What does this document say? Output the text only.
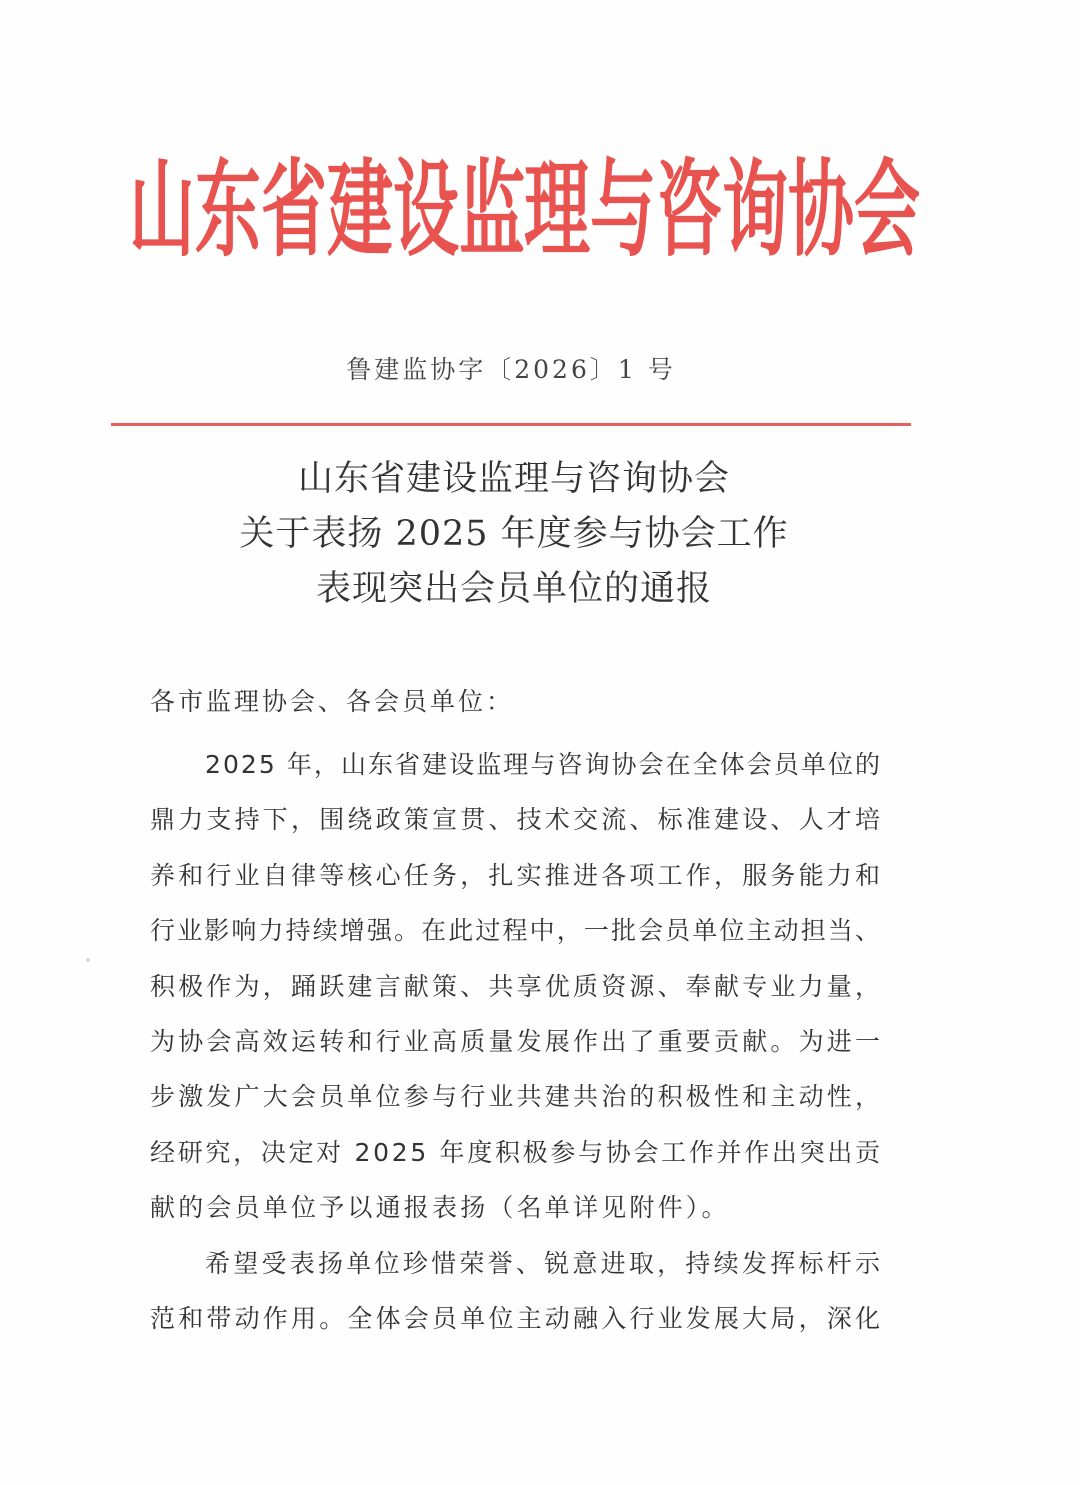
山 东 省 建 设 监 理 与 咨 询 协 会
鲁建监协字〔2026〕1 号
山东省建设监理与咨询协会
关于表扬 2025 年度参与协会工作
表现突出会员单位的通报
各市监理协会、各会员单位：
2025 年，山东省建设监理与咨询协会在全体会员单位的
鼎力支持下，围绕政策宣贯、技术交流、标准建设、人才培
养和行业自律等核心任务，扎实推进各项工作，服务能力和
行业影响力持续增强。在此过程中，一批会员单位主动担当、
积极作为，踊跃建言献策、共享优质资源、奉献专业力量，
为协会高效运转和行业高质量发展作出了重要贡献。为进一
步激发广大会员单位参与行业共建共治的积极性和主动性，
经研究，决定对 2025 年度积极参与协会工作并作出突出贡
献的会员单位予以通报表扬（名单详见附件）。
希望受表扬单位珍惜荣誉、锐意进取，持续发挥标杆示
范和带动作用。全体会员单位主动融入行业发展大局，深化
